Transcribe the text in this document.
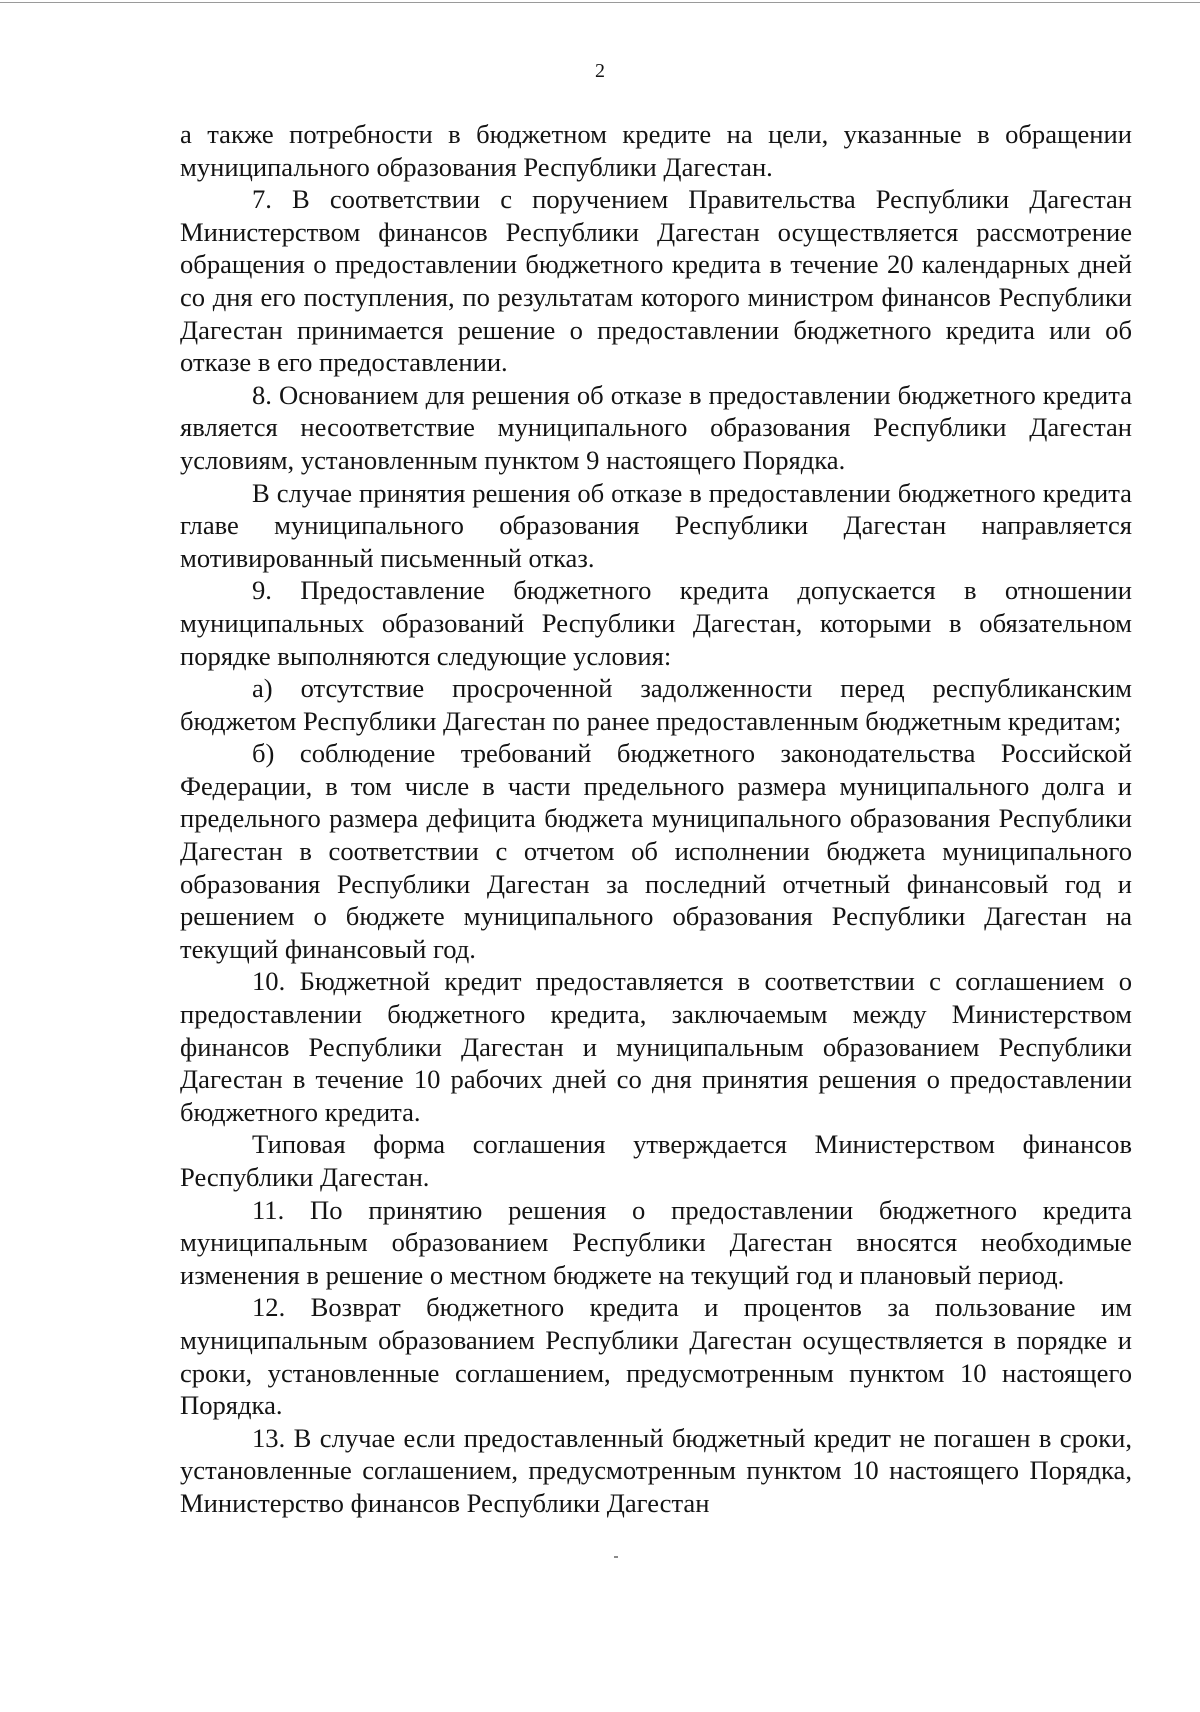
2

а также потребности в бюджетном кредите на цели, указанные в обращении муниципального образования Республики Дагестан.

7. В соответствии с поручением Правительства Республики Дагестан Министерством финансов Республики Дагестан осуществляется рассмотрение обращения о предоставлении бюджетного кредита в течение 20 календарных дней со дня его поступления, по результатам которого министром финансов Республики Дагестан принимается решение о предоставлении бюджетного кредита или об отказе в его предоставлении.

8. Основанием для решения об отказе в предоставлении бюджетного кредита является несоответствие муниципального образования Республики Дагестан условиям, установленным пунктом 9 настоящего Порядка.

В случае принятия решения об отказе в предоставлении бюджетного кредита главе муниципального образования Республики Дагестан направляется мотивированный письменный отказ.

9. Предоставление бюджетного кредита допускается в отношении муниципальных образований Республики Дагестан, которыми в обязательном порядке выполняются следующие условия:

а) отсутствие просроченной задолженности перед республиканским бюджетом Республики Дагестан по ранее предоставленным бюджетным кредитам;

б) соблюдение требований бюджетного законодательства Российской Федерации, в том числе в части предельного размера муниципального долга и предельного размера дефицита бюджета муниципального образования Республики Дагестан в соответствии с отчетом об исполнении бюджета муниципального образования Республики Дагестан за последний отчетный финансовый год и решением о бюджете муниципального образования Республики Дагестан на текущий финансовый год.

10. Бюджетной кредит предоставляется в соответствии с соглашением о предоставлении бюджетного кредита, заключаемым между Министерством финансов Республики Дагестан и муниципальным образованием Республики Дагестан в течение 10 рабочих дней со дня принятия решения о предоставлении бюджетного кредита.

Типовая форма соглашения утверждается Министерством финансов Республики Дагестан.

11. По принятию решения о предоставлении бюджетного кредита муниципальным образованием Республики Дагестан вносятся необходимые изменения в решение о местном бюджете на текущий год и плановый период.

12. Возврат бюджетного кредита и процентов за пользование им муниципальным образованием Республики Дагестан осуществляется в порядке и сроки, установленные соглашением, предусмотренным пунктом 10 настоящего Порядка.

13. В случае если предоставленный бюджетный кредит не погашен в сроки, установленные соглашением, предусмотренным пунктом 10 настоящего Порядка, Министерство финансов Республики Дагестан
